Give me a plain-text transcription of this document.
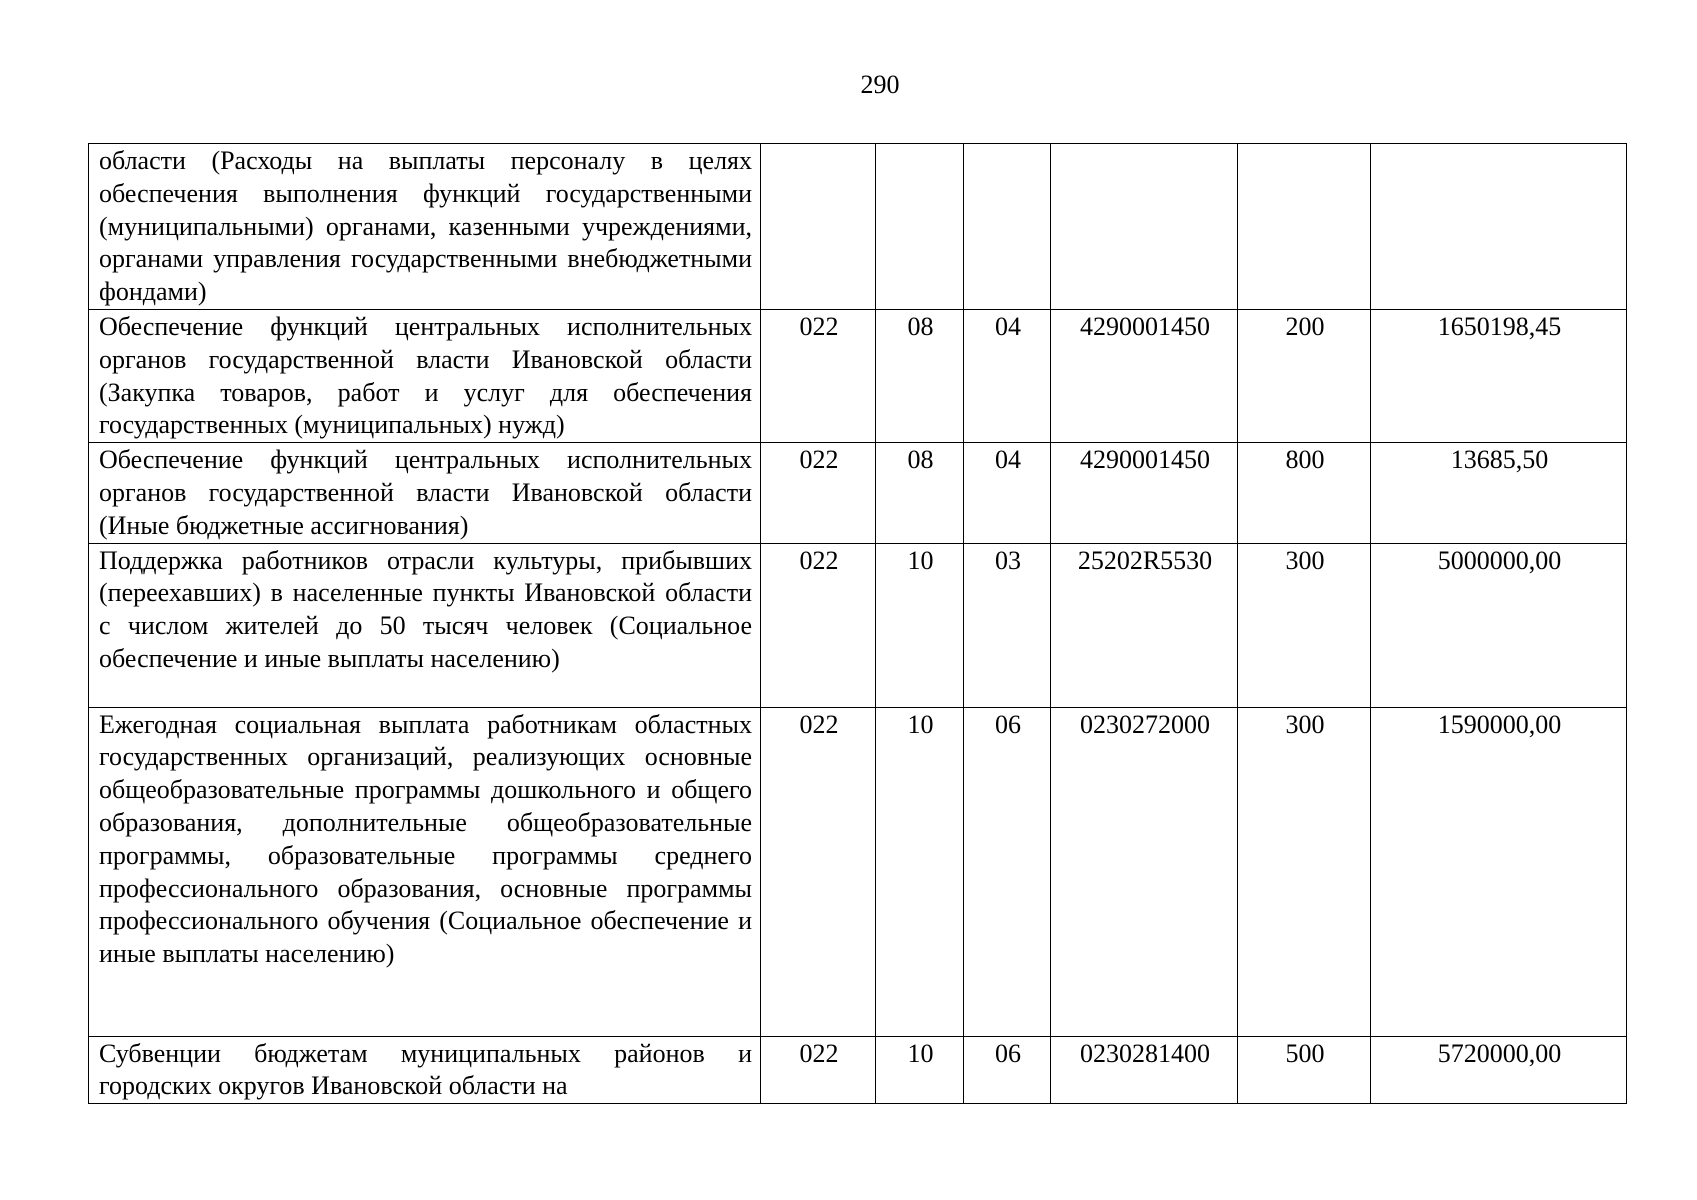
290
области (Расходы на выплаты персоналу в целях обеспечения выполнения функций государственными (муниципальными) органами, казенными учреждениями, органами управления государственными внебюджетными фондами)						
Обеспечение функций центральных исполнительных органов государственной власти Ивановской области (Закупка товаров, работ и услуг для обеспечения государственных (муниципальных) нужд)	022	08	04	4290001450	200	1650198,45
Обеспечение функций центральных исполнительных органов государственной власти Ивановской области (Иные бюджетные ассигнования)	022	08	04	4290001450	800	13685,50
Поддержка работников отрасли культуры, прибывших (переехавших) в населенные пункты Ивановской области с числом жителей до 50 тысяч человек (Социальное обеспечение и иные выплаты населению)	022	10	03	25202R5530	300	5000000,00
Ежегодная социальная выплата работникам областных государственных организаций, реализующих основные общеобразовательные программы дошкольного и общего образования, дополнительные общеобразовательные программы, образовательные программы среднего профессионального образования, основные программы профессионального обучения (Социальное обеспечение и иные выплаты населению)	022	10	06	0230272000	300	1590000,00
Субвенции бюджетам муниципальных районов и городских округов Ивановской области на	022	10	06	0230281400	500	5720000,00
